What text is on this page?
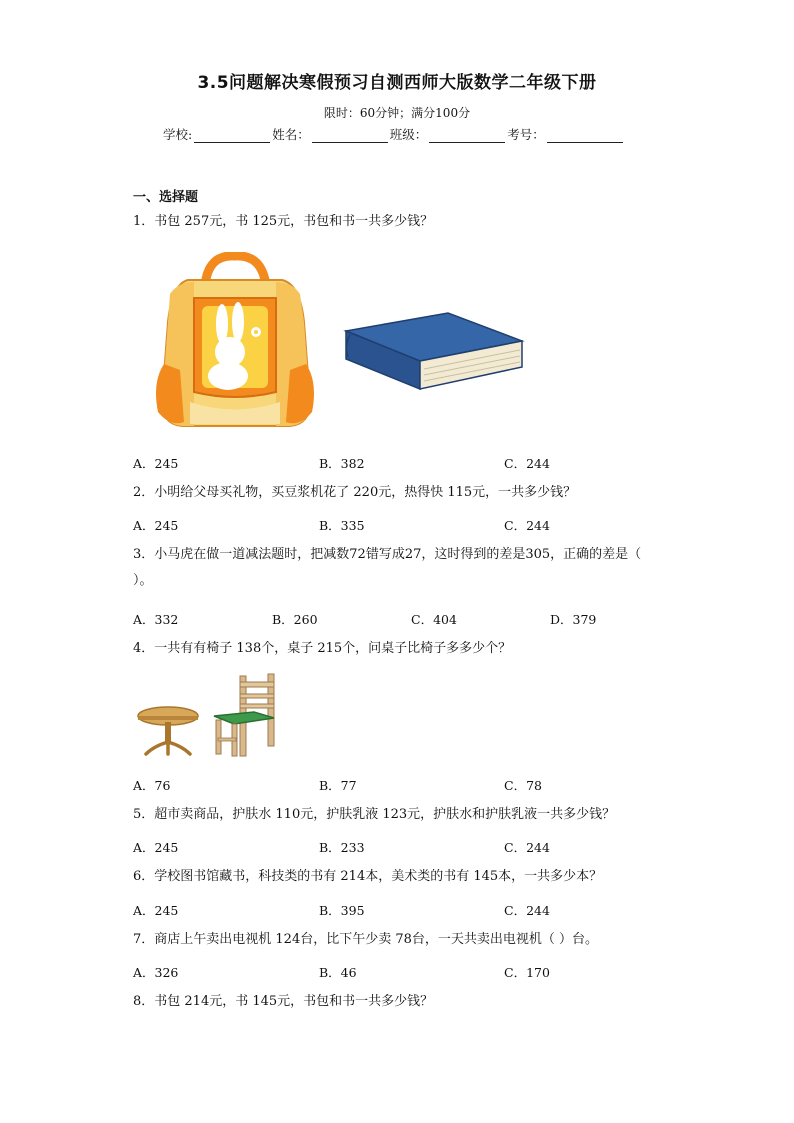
3.5问题解决寒假预习自测西师大版数学二年级下册
限时：60分钟；满分100分
学校:	姓名：	班级：	考号：
一、选择题
1．书包 257元，书 125元，书包和书一共多少钱？
A．245	B．382	C．244
2．小明给父母买礼物，买豆浆机花了 220元，热得快 115元，一共多少钱？
A．245	B．335	C．244
3．小马虎在做一道减法题时，把减数72错写成27，这时得到的差是305，正确的差是（ ）。
A．332	B．260	C．404	D．379
4．一共有有椅子 138个，桌子 215个，问桌子比椅子多多少个？
A．76	B．77	C．78
5．超市卖商品，护肤水 110元，护肤乳液 123元，护肤水和护肤乳液一共多少钱？
A．245	B．233	C．244
6．学校图书馆藏书，科技类的书有 214本，美术类的书有 145本，一共多少本？
A．245	B．395	C．244
7．商店上午卖出电视机 124台，比下午少卖 78台，一天共卖出电视机（ ）台。
A．326	B．46	C．170
8．书包 214元，书 145元，书包和书一共多少钱？
